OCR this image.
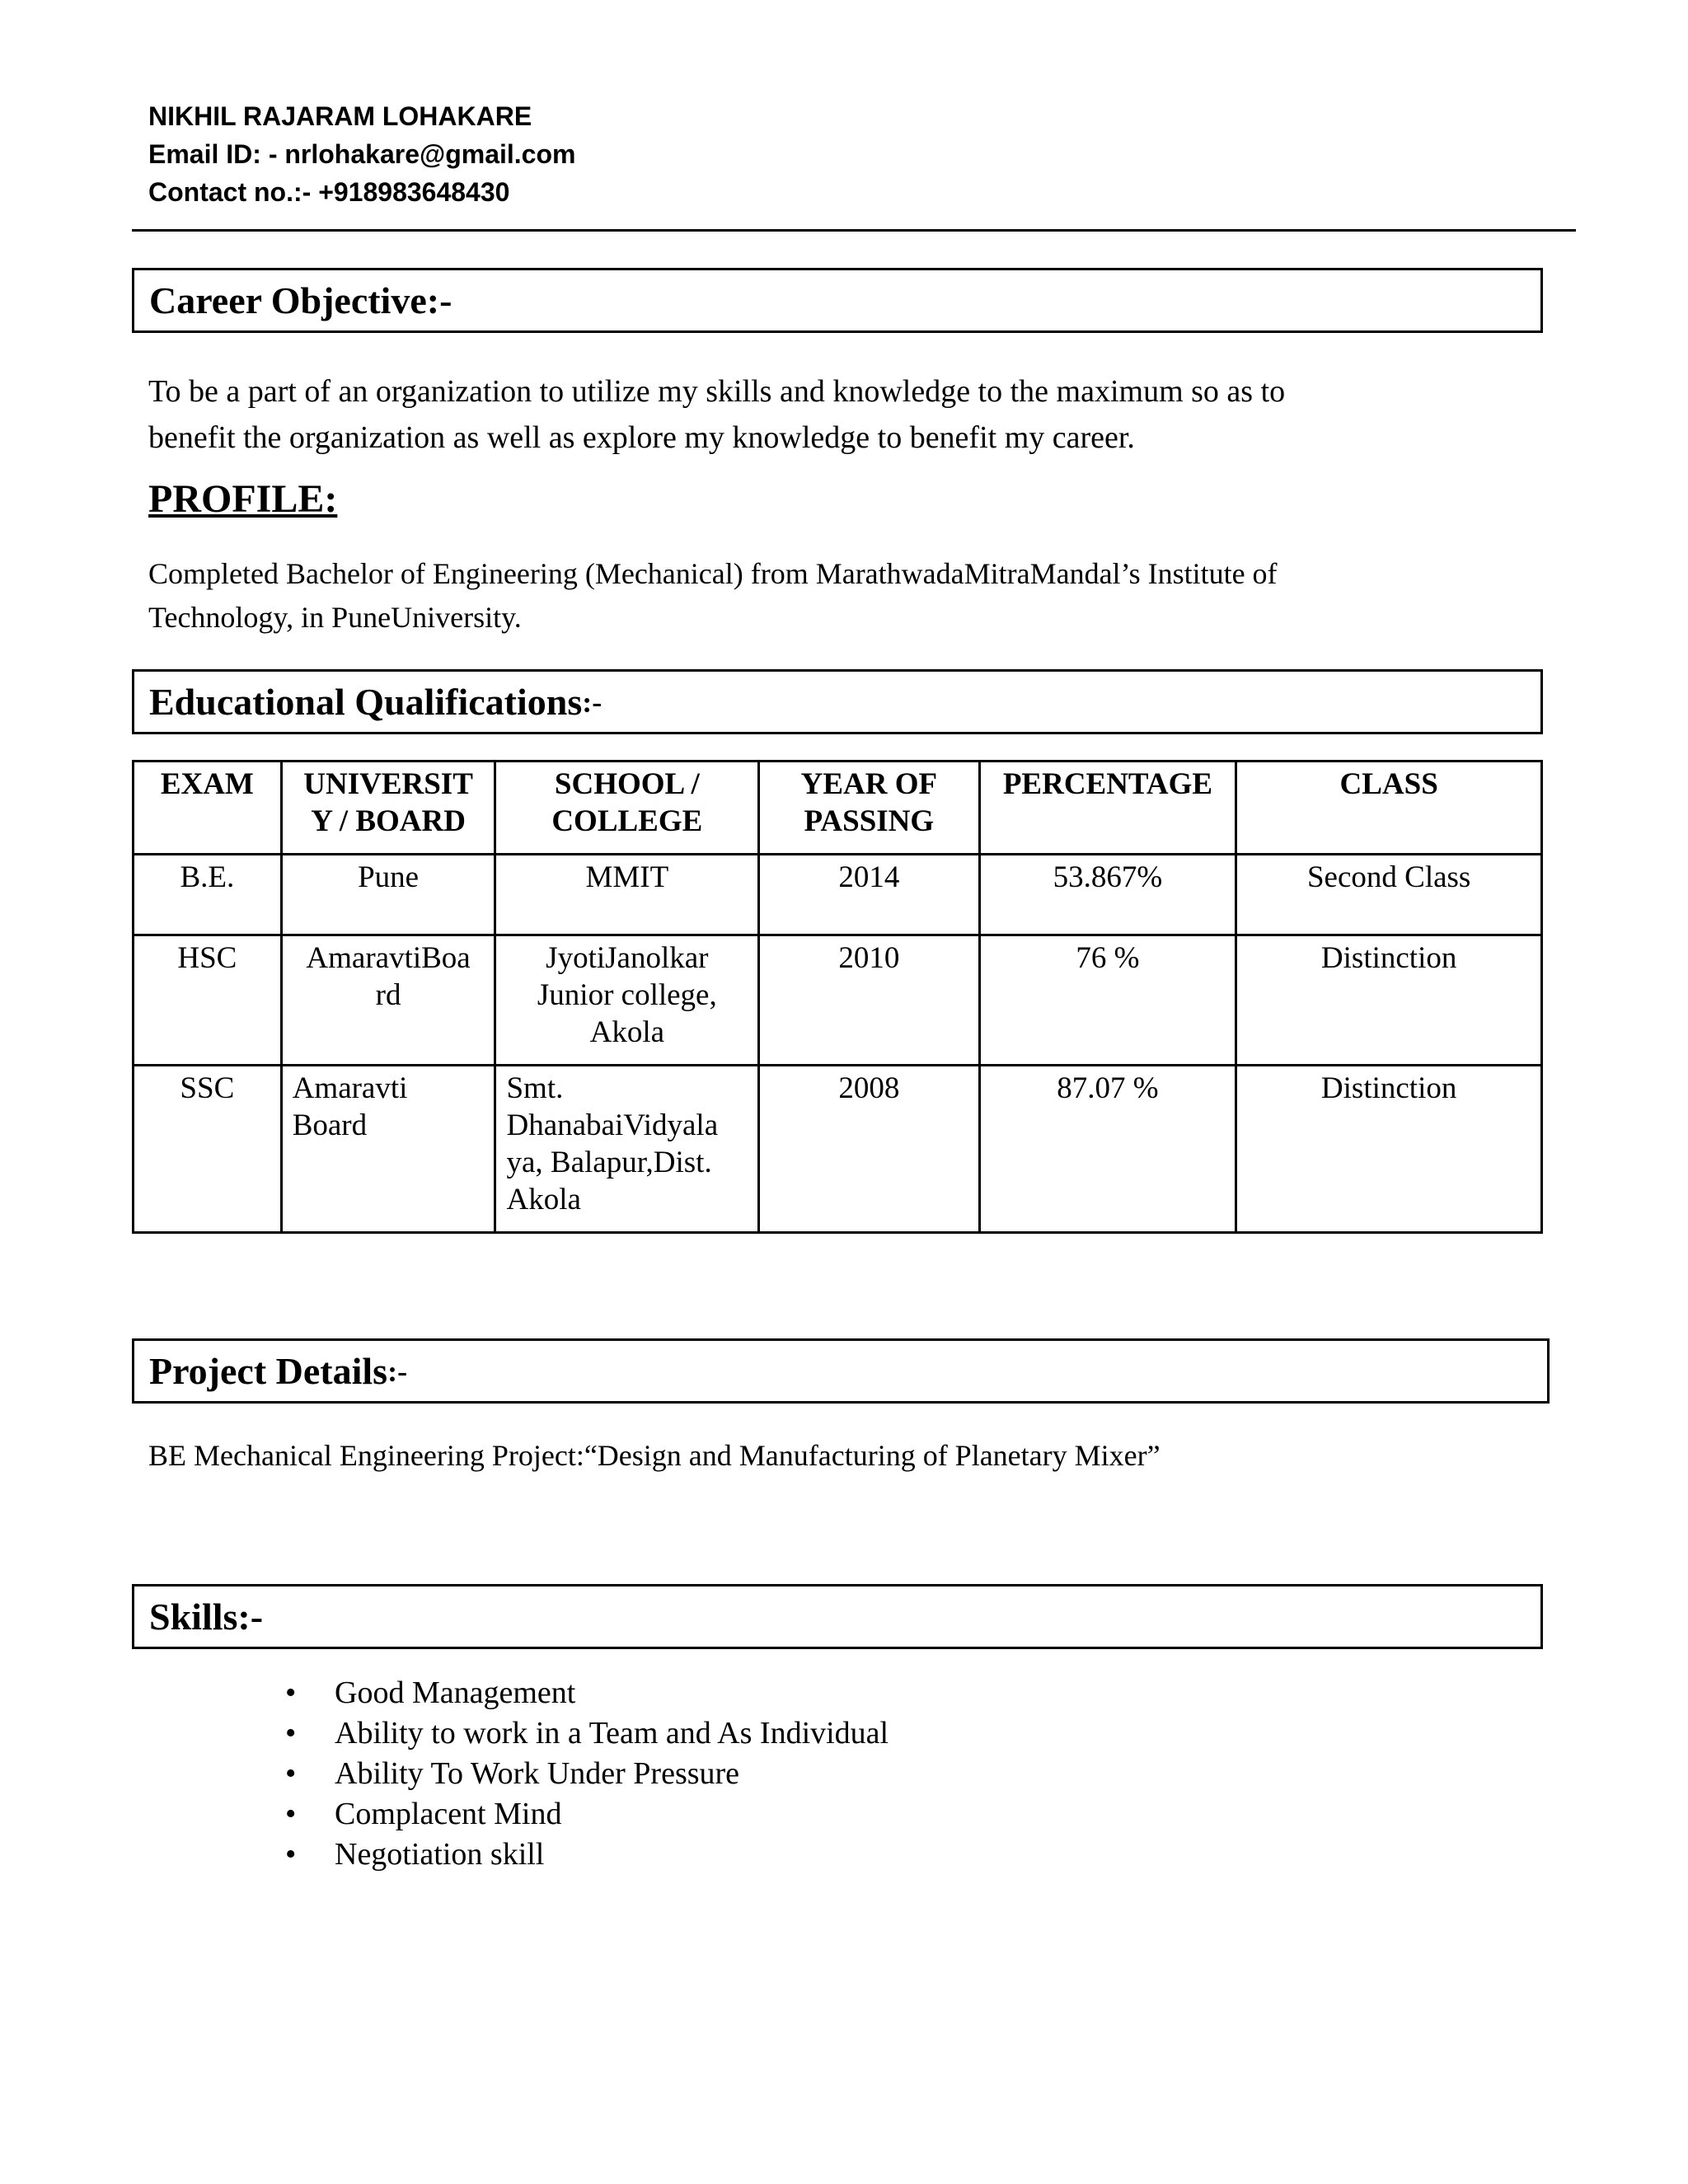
NIKHIL RAJARAM LOHAKARE
Email ID: - nrlohakare@gmail.com
Contact no.:- +918983648430
Career Objective:-
To be a part of an organization to utilize my skills and knowledge to the maximum so as to
benefit the organization as well as explore my knowledge to benefit my career.
PROFILE:
Completed Bachelor of Engineering (Mechanical) from MarathwadaMitraMandal’s Institute of
Technology, in PuneUniversity.
Educational Qualifications :-
EXAM	UNIVERSIT Y / BOARD	SCHOOL / COLLEGE	YEAR OF PASSING	PERCENTAGE	CLASS
B.E.	Pune	MMIT	2014	53.867%	Second Class
HSC	AmaravtiBoa rd	JyotiJanolkar Junior college, Akola	2010	76 %	Distinction
SSC	Amaravti Board	Smt. DhanabaiVidyala ya, Balapur,Dist. Akola	2008	87.07 %	Distinction
Project Details :-
BE Mechanical Engineering Project:“Design and Manufacturing of Planetary Mixer”
Skills:-
• Good Management
• Ability to work in a Team and As Individual
• Ability To Work Under Pressure
• Complacent Mind
• Negotiation skill
